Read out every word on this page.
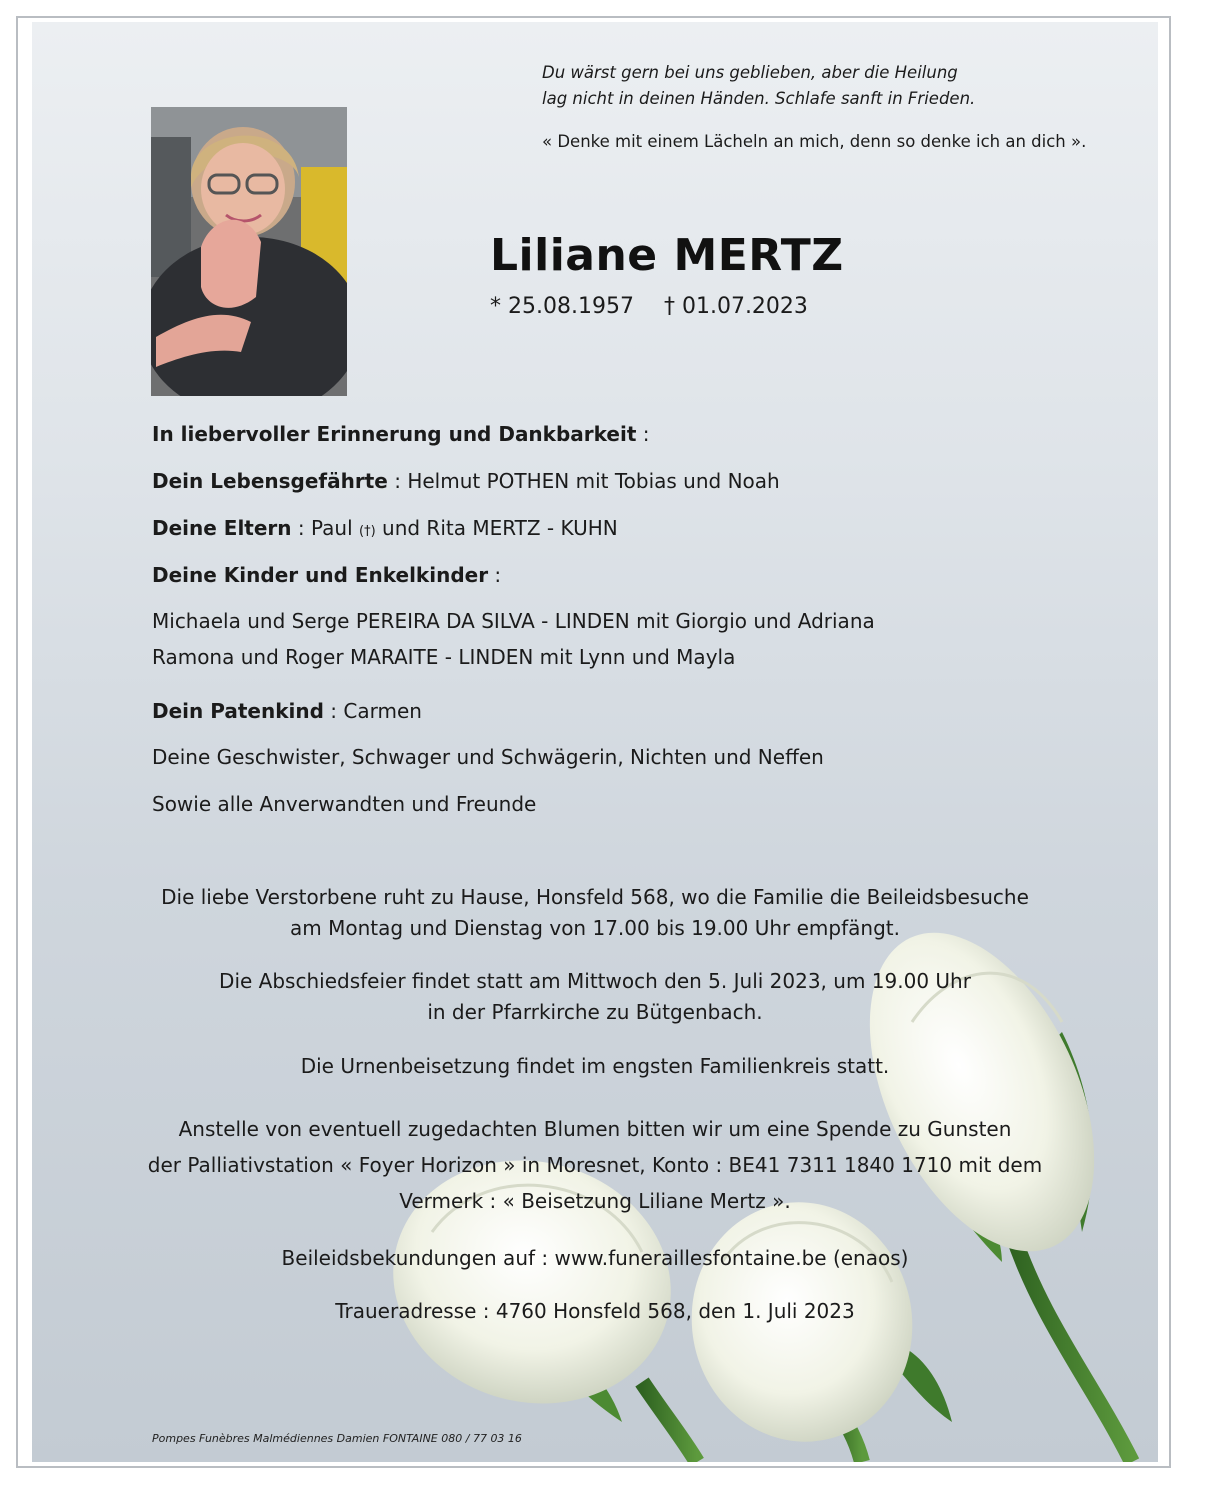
Du wärst gern bei uns geblieben, aber die Heilung
lag nicht in deinen Händen. Schlafe sanft in Frieden.
« Denke mit einem Lächeln an mich, denn so denke ich an dich ».
Liliane MERTZ
* 25.08.1957 † 01.07.2023
In liebervoller Erinnerung und Dankbarkeit :
Dein Lebensgefährte : Helmut POTHEN mit Tobias und Noah
Deine Eltern : Paul (†) und Rita MERTZ - KUHN
Deine Kinder und Enkelkinder :
Michaela und Serge PEREIRA DA SILVA - LINDEN mit Giorgio und Adriana
Ramona und Roger MARAITE - LINDEN mit Lynn und Mayla
Dein Patenkind : Carmen
Deine Geschwister, Schwager und Schwägerin, Nichten und Neffen
Sowie alle Anverwandten und Freunde
Die liebe Verstorbene ruht zu Hause, Honsfeld 568, wo die Familie die Beileidsbesuche
am Montag und Dienstag von 17.00 bis 19.00 Uhr empfängt.
Die Abschiedsfeier findet statt am Mittwoch den 5. Juli 2023, um 19.00 Uhr
in der Pfarrkirche zu Bütgenbach.
Die Urnenbeisetzung findet im engsten Familienkreis statt.
Anstelle von eventuell zugedachten Blumen bitten wir um eine Spende zu Gunsten
der Palliativstation « Foyer Horizon » in Moresnet, Konto : BE41 7311 1840 1710 mit dem
Vermerk : « Beisetzung Liliane Mertz ».
Beileidsbekundungen auf : www.funeraillesfontaine.be (enaos)
Traueradresse : 4760 Honsfeld 568, den 1. Juli 2023
Pompes Funèbres Malmédiennes Damien FONTAINE 080 / 77 03 16
